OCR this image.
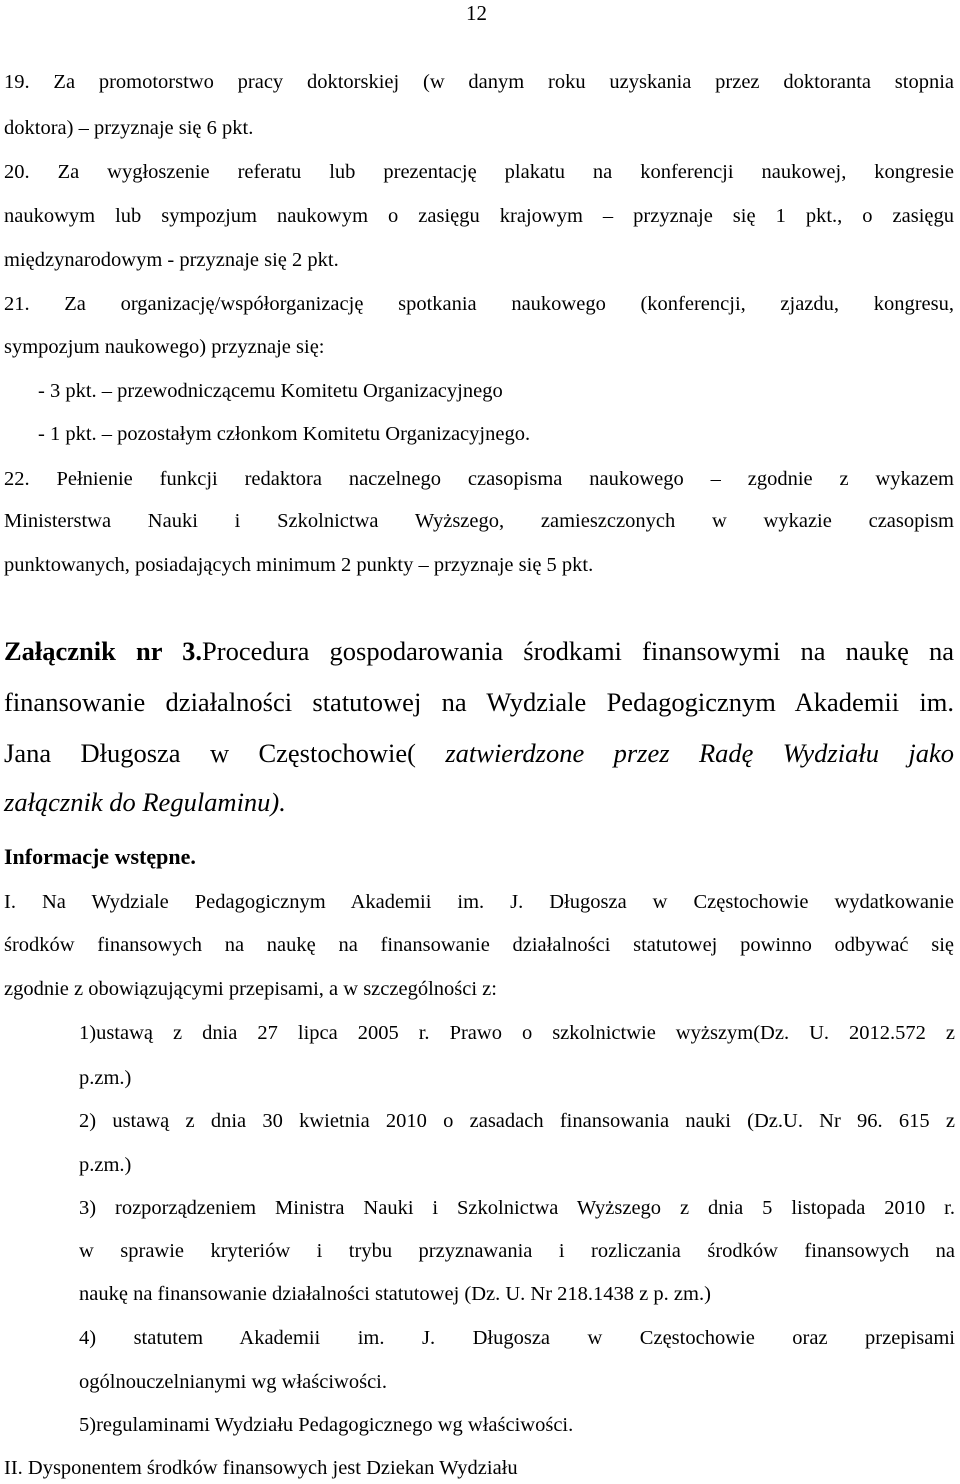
12
19. Za promotorstwo pracy doktorskiej (w danym roku uzyskania przez doktoranta stopnia
doktora) – przyznaje się 6 pkt.
20. Za wygłoszenie referatu lub prezentację plakatu na konferencji naukowej, kongresie
naukowym lub sympozjum naukowym o zasięgu krajowym – przyznaje się 1 pkt., o zasięgu
międzynarodowym - przyznaje się 2 pkt.
21. Za organizację/współorganizację spotkania naukowego (konferencji, zjazdu, kongresu,
sympozjum naukowego) przyznaje się:
- 3 pkt. – przewodniczącemu Komitetu Organizacyjnego
- 1 pkt. – pozostałym członkom Komitetu Organizacyjnego.
22. Pełnienie funkcji redaktora naczelnego czasopisma naukowego – zgodnie z wykazem
Ministerstwa Nauki i Szkolnictwa Wyższego, zamieszczonych w wykazie czasopism
punktowanych, posiadających minimum 2 punkty – przyznaje się 5 pkt.
Załącznik nr 3.Procedura gospodarowania środkami finansowymi na naukę na
finansowanie działalności statutowej na Wydziale Pedagogicznym Akademii im.
Jana Długosza w Częstochowie( zatwierdzone przez Radę Wydziału jako
załącznik do Regulaminu).
Informacje wstępne.
I. Na Wydziale Pedagogicznym Akademii im. J. Długosza w Częstochowie wydatkowanie
środków finansowych na naukę na finansowanie działalności statutowej powinno odbywać się
zgodnie z obowiązującymi przepisami, a w szczególności z:
1)ustawą z dnia 27 lipca 2005 r. Prawo o szkolnictwie wyższym(Dz. U. 2012.572 z
p.zm.)
2) ustawą z dnia 30 kwietnia 2010 o zasadach finansowania nauki (Dz.U. Nr 96. 615 z
p.zm.)
3) rozporządzeniem Ministra Nauki i Szkolnictwa Wyższego z dnia 5 listopada 2010 r.
w sprawie kryteriów i trybu przyznawania i rozliczania środków finansowych na
naukę na finansowanie działalności statutowej (Dz. U. Nr 218.1438 z p. zm.)
4) statutem Akademii im. J. Długosza w Częstochowie oraz przepisami
ogólnouczelnianymi wg właściwości.
5)regulaminami Wydziału Pedagogicznego wg właściwości.
II. Dysponentem środków finansowych jest Dziekan Wydziału
